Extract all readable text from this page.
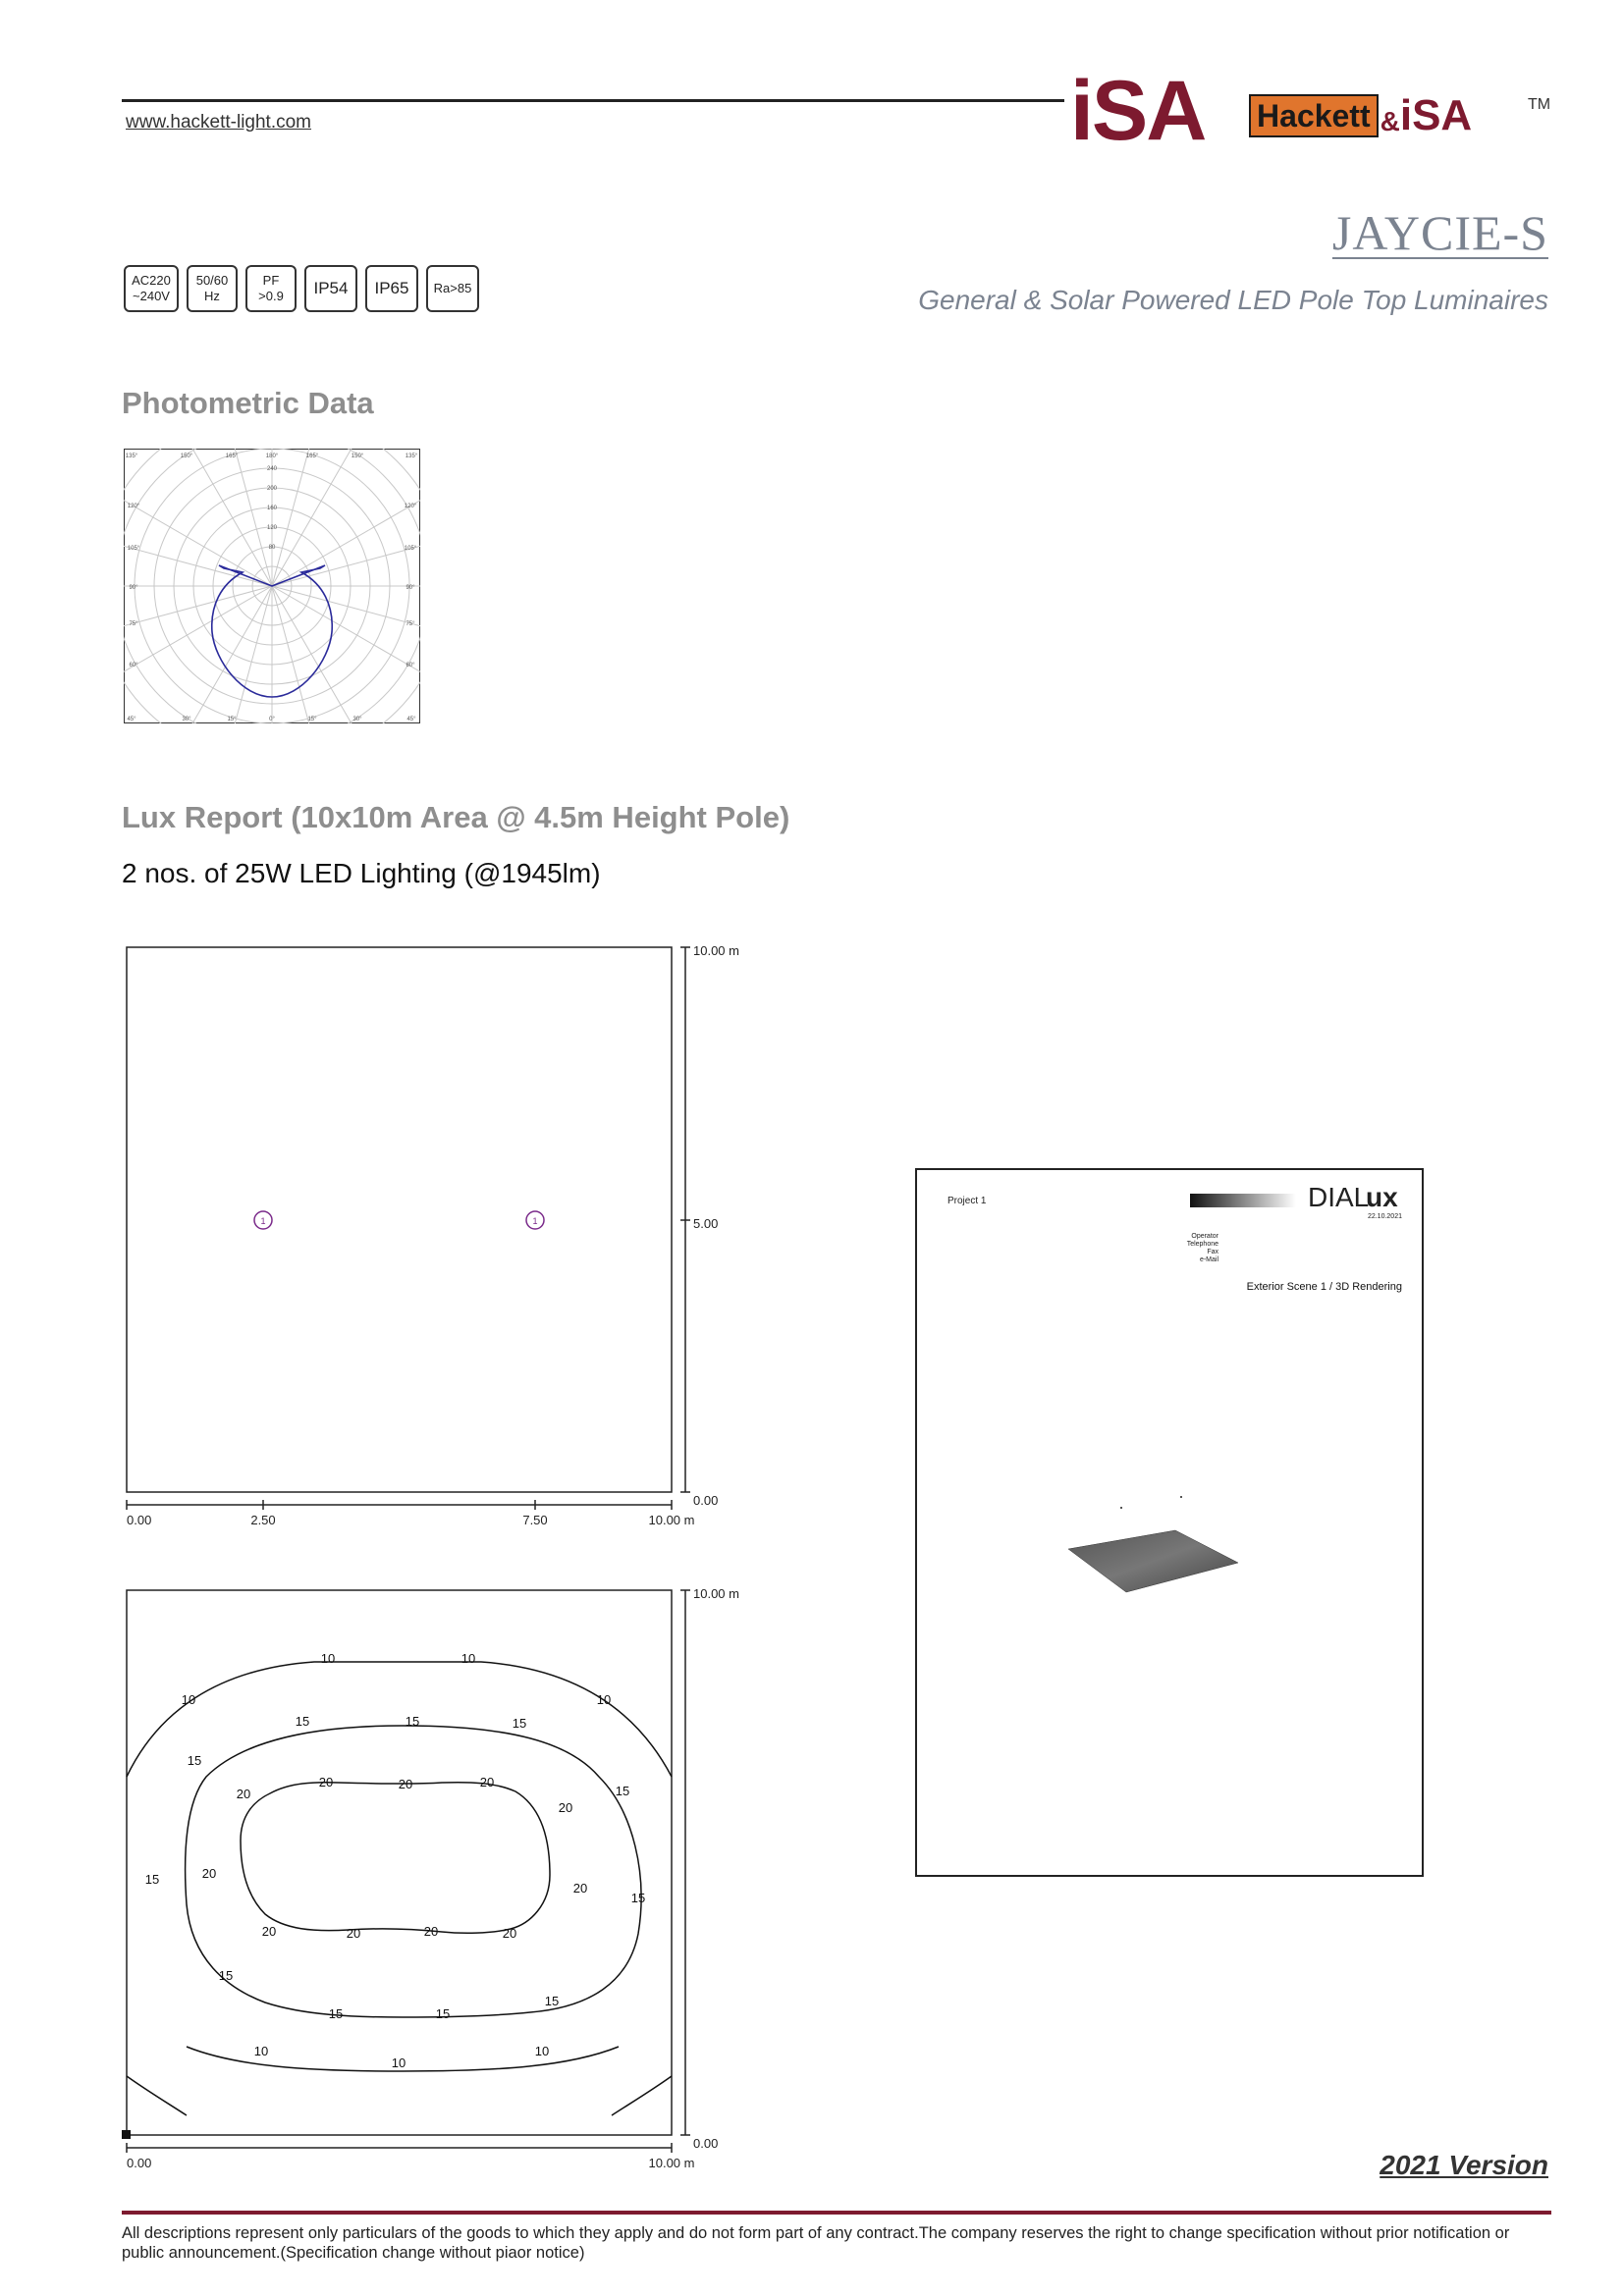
www.hackett-light.com	iSA Hackett & iSA	TM
JAYCIE-S
General & Solar Powered LED Pole Top Luminaires
AC220
~240V
50/60
Hz
PF
>0.9 IP54 IP65 Ra>85
Photometric Data
135°	150°	165°	180°	165°	150°	135°
120°
105°
90°
75°
60°
120°
105°
90°
75°
60°
45°	30°	15°	0°	15°	30°	45°
240
200
160
120
80
Lux Report (10x10m Area @ 4.5m Height Pole)
2 nos. of 25W LED Lighting (@1945lm)
10.00 m
5.00
0.00
0.00	2.50	7.50	10.00 m
1	1
10.00 m
0.00
0.00	10.00 m
10	10
10	10
10
10
10
15	15	15
15
15
15
15
15
15	15
15
20
20	20	20
20
20
20
20	20	20	20
Project 1	DIAL
ux
22.10.2021
Operator
Telephone
Fax
e-Mail
Exterior Scene 1 / 3D Rendering
2021 Version
All descriptions represent only particulars of the goods to which they apply and do not form part of any contract.The company reserves the right to change specification without prior notification or public announcement.(Specification change without piaor notice)
